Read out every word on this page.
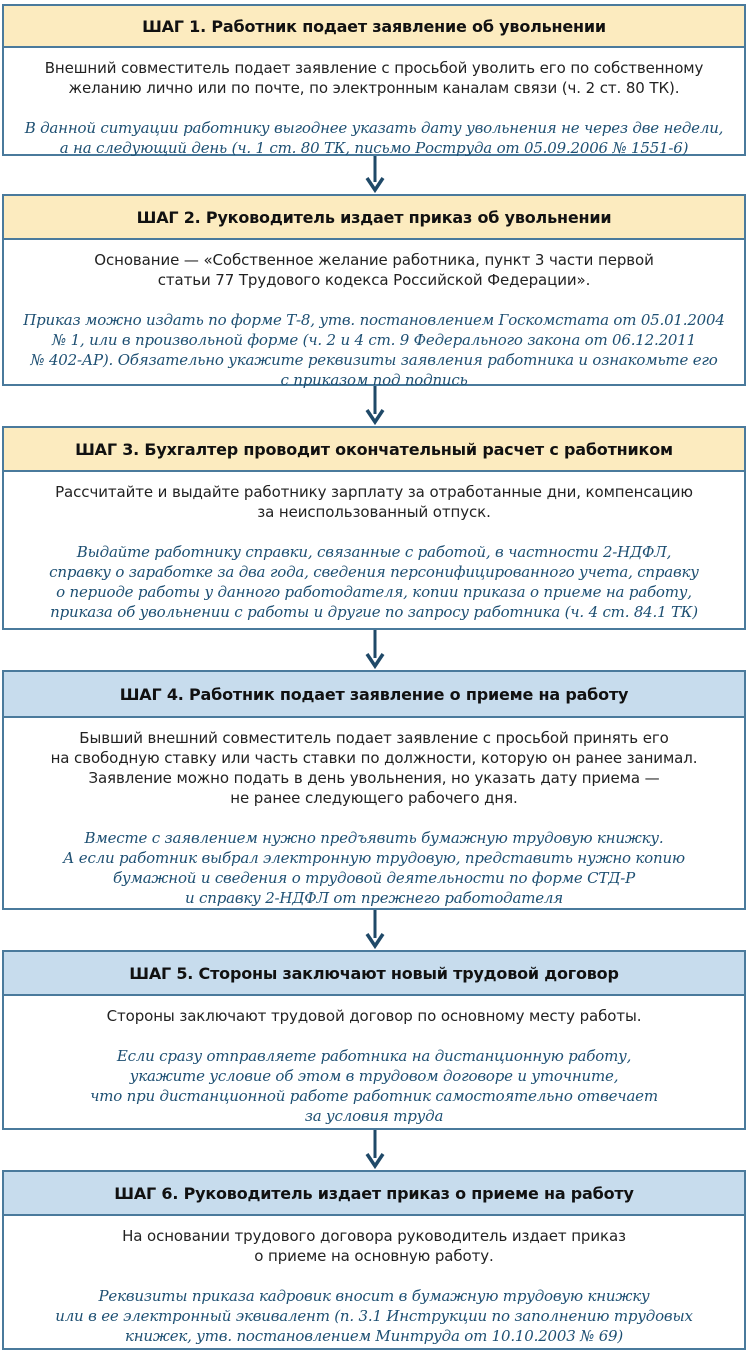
ШАГ 1. Работник подает заявление об увольнении
Внешний совместитель подает заявление с просьбой уволить его по собственному
желанию лично или по почте, по электронным каналам связи (ч. 2 ст. 80 ТК).
В данной ситуации работнику выгоднее указать дату увольнения не через две недели,
а на следующий день (ч. 1 ст. 80 ТК, письмо Роструда от 05.09.2006 № 1551-6)
ШАГ 2. Руководитель издает приказ об увольнении
Основание — «Собственное желание работника, пункт 3 части первой
статьи 77 Трудового кодекса Российской Федерации».
Приказ можно издать по форме Т-8, утв. постановлением Госкомстата от 05.01.2004
№ 1, или в произвольной форме (ч. 2 и 4 ст. 9 Федерального закона от 06.12.2011
№ 402-АР). Обязательно укажите реквизиты заявления работника и ознакомьте его
с приказом под подпись
ШАГ 3. Бухгалтер проводит окончательный расчет с работником
Рассчитайте и выдайте работнику зарплату за отработанные дни, компенсацию
за неиспользованный отпуск.
Выдайте работнику справки, связанные с работой, в частности 2-НДФЛ,
справку о заработке за два года, сведения персонифицированного учета, справку
о периоде работы у данного работодателя, копии приказа о приеме на работу,
приказа об увольнении с работы и другие по запросу работника (ч. 4 ст. 84.1 ТК)
ШАГ 4. Работник подает заявление о приеме на работу
Бывший внешний совместитель подает заявление с просьбой принять его
на свободную ставку или часть ставки по должности, которую он ранее занимал.
Заявление можно подать в день увольнения, но указать дату приема —
не ранее следующего рабочего дня.
Вместе с заявлением нужно предъявить бумажную трудовую книжку.
А если работник выбрал электронную трудовую, представить нужно копию
бумажной и сведения о трудовой деятельности по форме СТД-Р
и справку 2-НДФЛ от прежнего работодателя
ШАГ 5. Стороны заключают новый трудовой договор
Стороны заключают трудовой договор по основному месту работы.
Если сразу отправляете работника на дистанционную работу,
укажите условие об этом в трудовом договоре и уточните,
что при дистанционной работе работник самостоятельно отвечает
за условия труда
ШАГ 6. Руководитель издает приказ о приеме на работу
На основании трудового договора руководитель издает приказ
о приеме на основную работу.
Реквизиты приказа кадровик вносит в бумажную трудовую книжку
или в ее электронный эквивалент (п. 3.1 Инструкции по заполнению трудовых
книжек, утв. постановлением Минтруда от 10.10.2003 № 69)
